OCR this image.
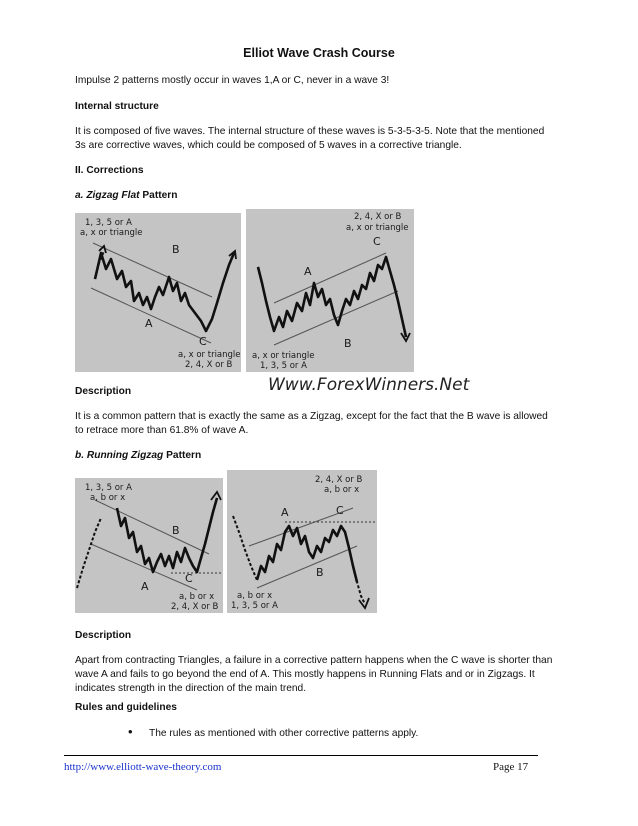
Elliot Wave Crash Course
Impulse 2 patterns mostly occur in waves 1,A or C, never in a wave 3!
Internal structure
It is composed of five waves. The internal structure of these waves is 5-3-5-3-5. Note that the mentioned
3s are corrective waves, which could be composed of 5 waves in a corrective triangle.
II. Corrections
a. Zigzag Flat Pattern
1, 3, 5 or A
a, x or triangle
B
A
C
a, x or triangle
2, 4, X or B
2, 4, X or B
a, x or triangle
A
C
B
a, x or triangle
1, 3, 5 or A
Description	Www.ForexWinners.Net
It is a common pattern that is exactly the same as a Zigzag, except for the fact that the B wave is allowed
to retrace more than 61.8% of wave A.
b. Running Zigzag Pattern
1, 3, 5 or A
a, b or x
B
A
C
a, b or x
2, 4, X or B
2, 4, X or B
a, b or x
A	C
B
a, b or x
1, 3, 5 or A
Description
Apart from contracting Triangles, a failure in a corrective pattern happens when the C wave is shorter than
wave A and fails to go beyond the end of A. This mostly happens in Running Flats and or in Zigzags. It
indicates strength in the direction of the main trend.
Rules and guidelines
• The rules as mentioned with other corrective patterns apply.
http://www.elliott-wave-theory.com	Page 17
